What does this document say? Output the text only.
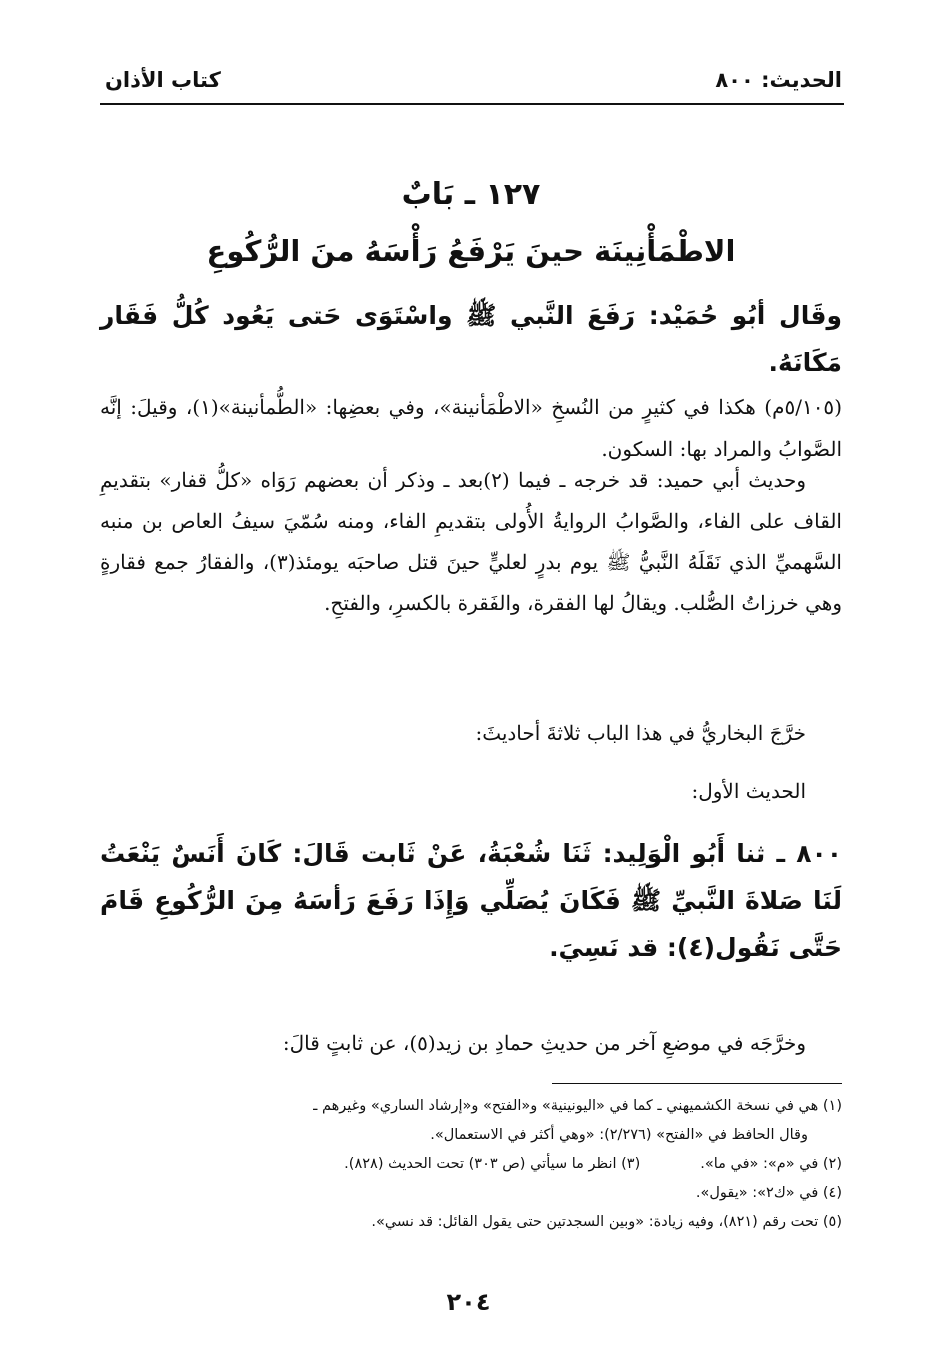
الحديث: ٨٠٠
كتاب الأذان
١٢٧ ـ بَابٌ
الاطْمَأْنِينَة حينَ يَرْفَعُ رَأْسَهُ منَ الرُّكُوعِ

وقَال أبُو حُمَيْد: رَفَعَ النَّبي ﷺ واسْتَوَى حَتى يَعُود كُلُّ فَقَار مَكَانَهُ.

(٥/١٠٥م) هكذا في كثيرٍ من النُسخِ «الاطْمَأنينة»، وفي بعضِها: «الطُّمأنينة»(١)، وقيلَ: إنَّه الصَّوابُ والمراد بها: السكون.

وحديث أبي حميد: قد خرجه ـ فيما (٢)بعد ـ وذكر أن بعضهم رَوَاه «كلُّ قفار» بتقديمِ القاف على الفاء، والصَّوابُ الروايةُ الأُولى بتقديمِ الفاء، ومنه سُمّيَ سيفُ العاص بن منبه السَّهميِّ الذي نَقَلَهُ النَّبيُّ ﷺ يوم بدرٍ لعليٍّ حينَ قتل صاحبَه يومئذ(٣)، والفقارُ جمع فقارةٍ وهي خرزاتُ الصُّلب. ويقالُ لها الفقرة، والفَقرة بالكسرِ، والفتحِ.

خرَّجَ البخاريُّ في هذا الباب ثلاثةَ أحاديثَ:

الحديث الأول:

٨٠٠ ـ ثنا أَبُو الْوَلِيد: ثَنَا شُعْبَةُ، عَنْ ثَابت قَالَ: كَانَ أَنَسٌ يَنْعَتُ لَنَا صَلاةَ النَّبيِّ ﷺ فَكَانَ يُصَلِّي وَإِذَا رَفَعَ رَأسَهُ مِنَ الرُّكُوعِ قَامَ حَتَّى نَقُول(٤): قد نَسِيَ.

وخرَّجَه في موضعِ آخر من حديثِ حمادِ بن زيد(٥)، عن ثابتٍ قالَ:

(١) هي في نسخة الكشميهني ـ كما في «اليونينية» و«الفتح» و«إرشاد الساري» وغيرهم ـ
وقال الحافظ في «الفتح» (٢/٢٧٦): «وهي أكثر في الاستعمال».
(٢) في «م»: «في ما».
(٣) انظر ما سيأتي (ص ٣٠٣) تحت الحديث (٨٢٨).
(٤) في «ك٢»: «يقول».
(٥) تحت رقم (٨٢١)، وفيه زيادة: «وبين السجدتين حتى يقول القائل: قد نسي».
٢٠٤
